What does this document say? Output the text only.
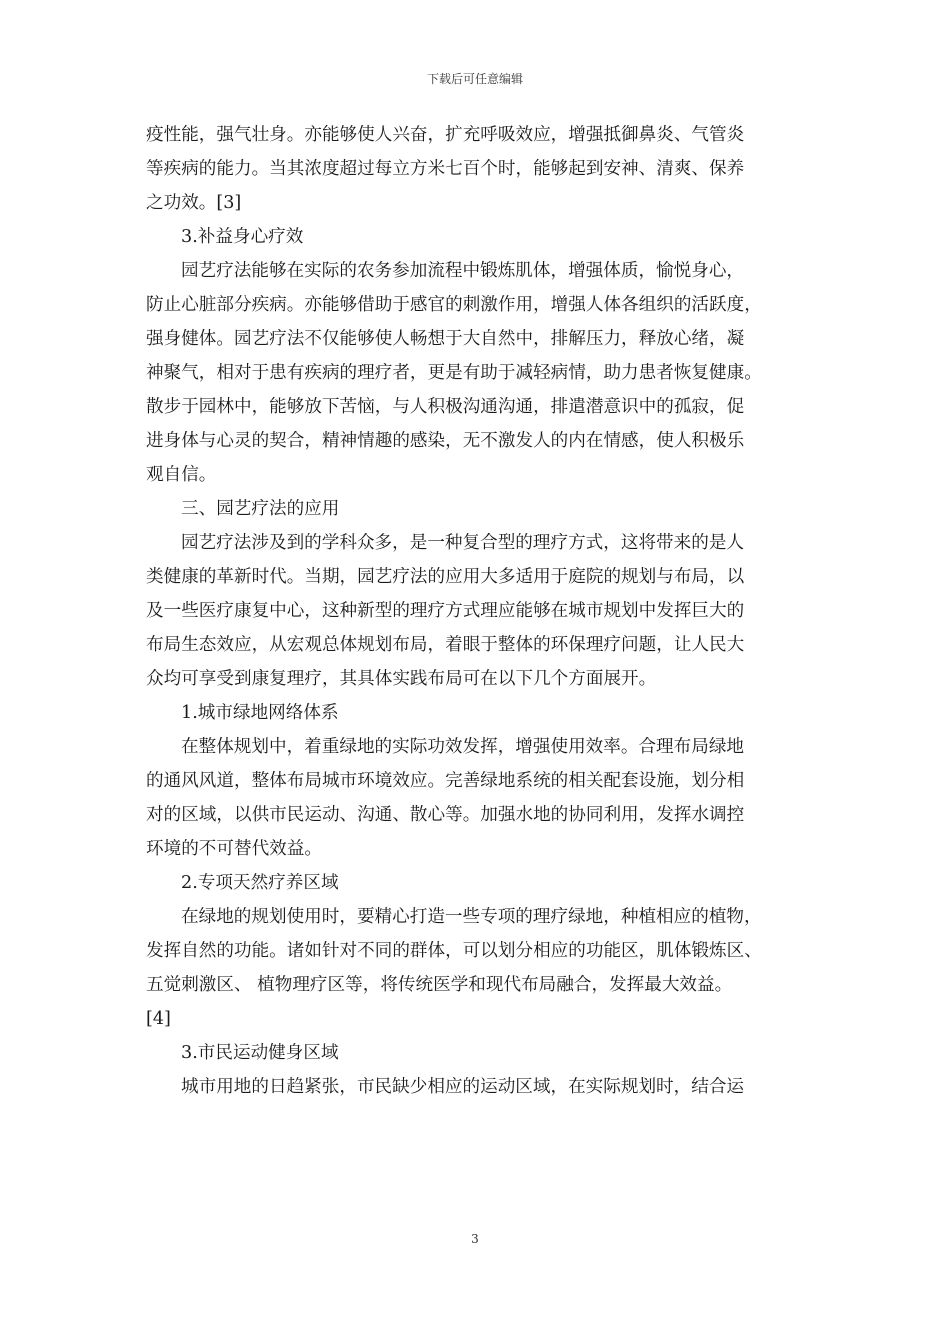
下载后可任意编辑
疫性能，强气壮身。亦能够使人兴奋，扩充呼吸效应，增强抵御鼻炎、气管炎
等疾病的能力。当其浓度超过每立方米七百个时，能够起到安神、清爽、保养
之功效。[3]
3.补益身心疗效
园艺疗法能够在实际的农务参加流程中锻炼肌体，增强体质，愉悦身心，
防止心脏部分疾病。亦能够借助于感官的刺激作用，增强人体各组织的活跃度，
强身健体。园艺疗法不仅能够使人畅想于大自然中，排解压力，释放心绪，凝
神聚气，相对于患有疾病的理疗者，更是有助于减轻病情，助力患者恢复健康。
散步于园林中，能够放下苦恼，与人积极沟通沟通，排遣潜意识中的孤寂，促
进身体与心灵的契合，精神情趣的感染，无不激发人的内在情感，使人积极乐
观自信。
三、园艺疗法的应用
园艺疗法涉及到的学科众多，是一种复合型的理疗方式，这将带来的是人
类健康的革新时代。当期，园艺疗法的应用大多适用于庭院的规划与布局，以
及一些医疗康复中心，这种新型的理疗方式理应能够在城市规划中发挥巨大的
布局生态效应，从宏观总体规划布局，着眼于整体的环保理疗问题，让人民大
众均可享受到康复理疗，其具体实践布局可在以下几个方面展开。
1.城市绿地网络体系
在整体规划中，着重绿地的实际功效发挥，增强使用效率。合理布局绿地
的通风风道，整体布局城市环境效应。完善绿地系统的相关配套设施，划分相
对的区域，以供市民运动、沟通、散心等。加强水地的协同利用，发挥水调控
环境的不可替代效益。
2.专项天然疗养区域
在绿地的规划使用时，要精心打造一些专项的理疗绿地，种植相应的植物，
发挥自然的功能。诸如针对不同的群体，可以划分相应的功能区，肌体锻炼区、
五觉刺激区、 植物理疗区等，将传统医学和现代布局融合，发挥最大效益。
[4]
3.市民运动健身区域
城市用地的日趋紧张，市民缺少相应的运动区域，在实际规划时，结合运
3
